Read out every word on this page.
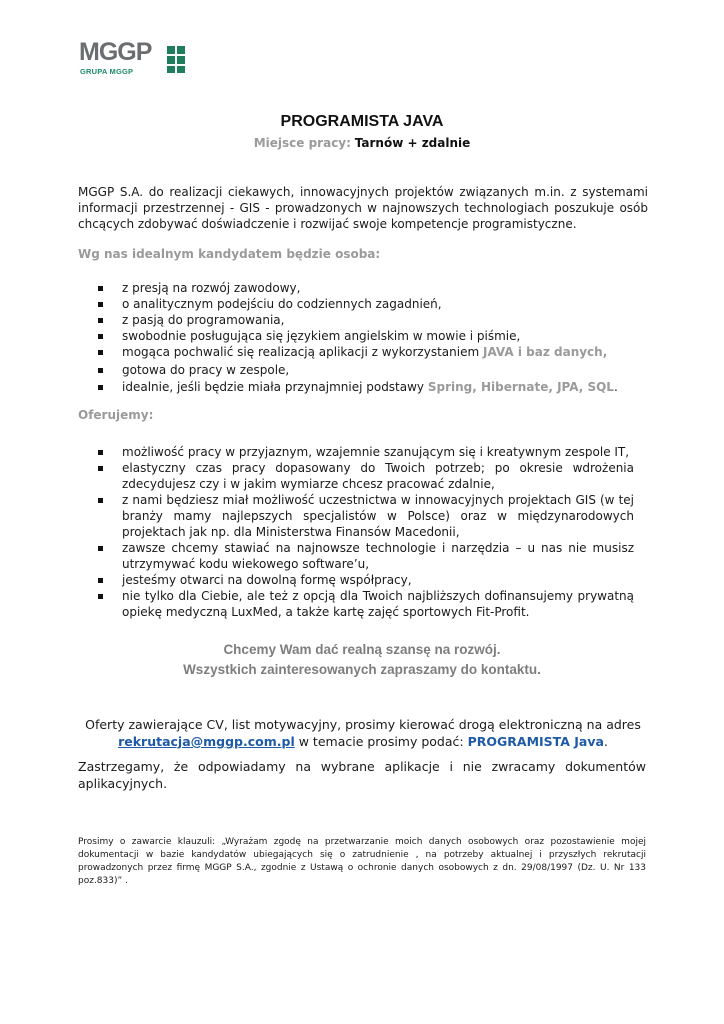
MGGP
GRUPA MGGP
PROGRAMISTA JAVA
Miejsce pracy: Tarnów + zdalnie
MGGP S.A. do realizacji ciekawych, innowacyjnych projektów związanych m.in. z systemami informacji przestrzennej - GIS - prowadzonych w najnowszych technologiach poszukuje osób chcących zdobywać doświadczenie i rozwijać swoje kompetencje programistyczne.
Wg nas idealnym kandydatem będzie osoba:
z presją na rozwój zawodowy,
o analitycznym podejściu do codziennych zagadnień,
z pasją do programowania,
swobodnie posługująca się językiem angielskim w mowie i piśmie,
mogąca pochwalić się realizacją aplikacji z wykorzystaniem JAVA i baz danych,
gotowa do pracy w zespole,
idealnie, jeśli będzie miała przynajmniej podstawy Spring, Hibernate, JPA, SQL.
Oferujemy:
możliwość pracy w przyjaznym, wzajemnie szanującym się i kreatywnym zespole IT,
elastyczny czas pracy dopasowany do Twoich potrzeb; po okresie wdrożenia zdecydujesz czy i w jakim wymiarze chcesz pracować zdalnie,
z nami będziesz miał możliwość uczestnictwa w innowacyjnych projektach GIS (w tej branży mamy najlepszych specjalistów w Polsce) oraz w międzynarodowych projektach jak np. dla Ministerstwa Finansów Macedonii,
zawsze chcemy stawiać na najnowsze technologie i narzędzia – u nas nie musisz utrzymywać kodu wiekowego software’u,
jesteśmy otwarci na dowolną formę współpracy,
nie tylko dla Ciebie, ale też z opcją dla Twoich najbliższych dofinansujemy prywatną opiekę medyczną LuxMed, a także kartę zajęć sportowych Fit-Profit.
Chcemy Wam dać realną szansę na rozwój.
Wszystkich zainteresowanych zapraszamy do kontaktu.
Oferty zawierające CV, list motywacyjny, prosimy kierować drogą elektroniczną na adres
rekrutacja@mggp.com.pl w temacie prosimy podać: PROGRAMISTA Java.
Zastrzegamy, że odpowiadamy na wybrane aplikacje i nie zwracamy dokumentów aplikacyjnych.
Prosimy o zawarcie klauzuli: „Wyrażam zgodę na przetwarzanie moich danych osobowych oraz pozostawienie mojej dokumentacji w bazie kandydatów ubiegających się o zatrudnienie , na potrzeby aktualnej i przyszłych rekrutacji prowadzonych przez firmę MGGP S.A., zgodnie z Ustawą o ochronie danych osobowych z dn. 29/08/1997 (Dz. U. Nr 133 poz.833)” .
